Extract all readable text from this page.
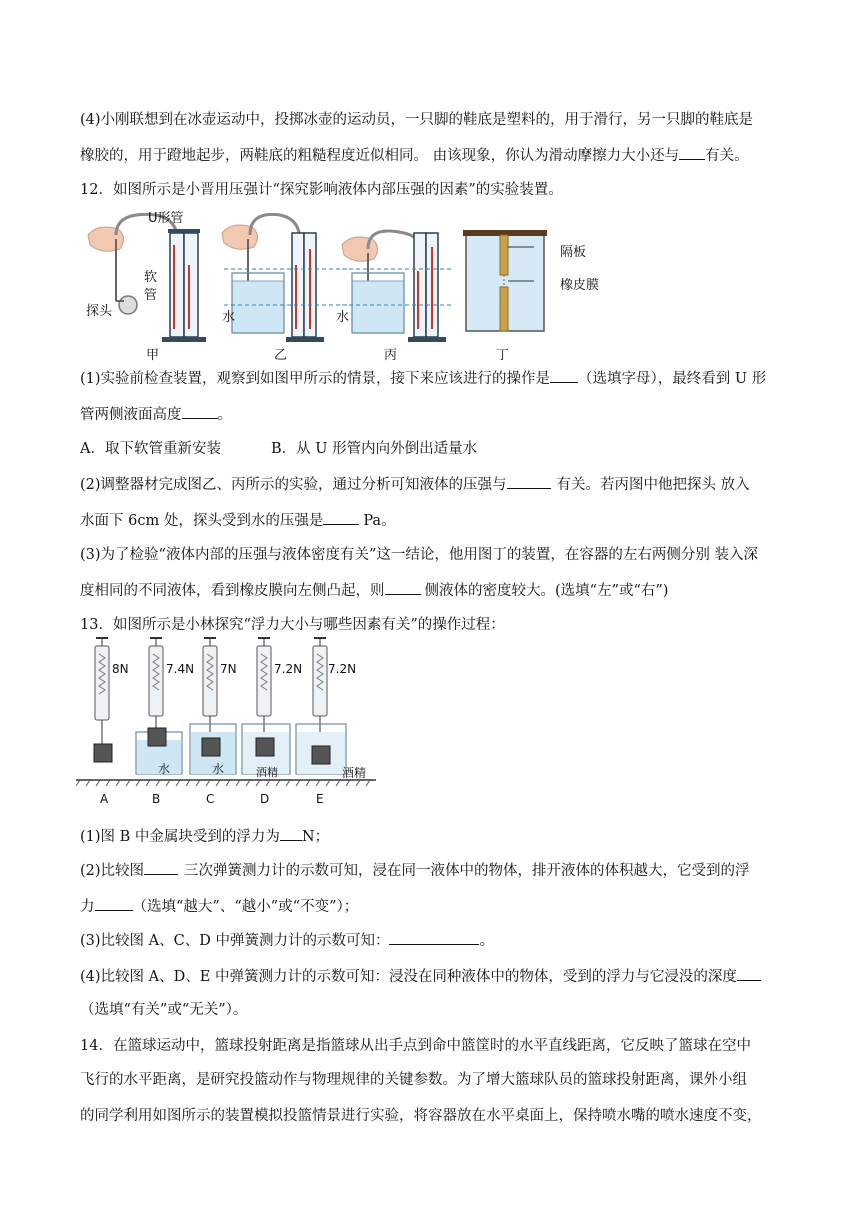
(4)小刚联想到在冰壶运动中，投掷冰壶的运动员，一只脚的鞋底是塑料的，用于滑行，另一只脚的鞋底是
橡胶的，用于蹬地起步，两鞋底的粗糙程度近似相同。 由该现象，你认为滑动摩擦力大小还与 有关。
12．如图所示是小晋用压强计“探究影响液体内部压强的因素”的实验装置。
U形管
软
管
探头	水	水
隔板
橡皮膜
甲	乙	丙	丁
(1)实验前检查装置，观察到如图甲所示的情景，接下来应该进行的操作是 （选填字母），最终看到 U 形
管两侧液面高度 。
A．取下软管重新安装	B．从 U 形管内向外倒出适量水
(2)调整器材完成图乙、丙所示的实验，通过分析可知液体的压强与	有关。若丙图中他把探头 放入
水面下 6cm 处，探头受到水的压强是	Pa。
(3)为了检验“液体内部的压强与液体密度有关”这一结论，他用图丁的装置，在容器的左右两侧分别 装入深
度相同的不同液体，看到橡皮膜向左侧凸起，则	侧液体的密度较大。(选填“左”或“右”)
13．如图所示是小林探究“浮力大小与哪些因素有关”的操作过程：
8N	7.4N 7N	7.2N 7.2N
水	水	酒精	酒精
A	B	C	D	E
(1)图 B 中金属块受到的浮力为 N；
(2)比较图	三次弹簧测力计的示数可知，浸在同一液体中的物体，排开液体的体积越大，它受到的浮
力	（选填“越大”、“越小”或“不变”）；
(3)比较图 A、C、D 中弹簧测力计的示数可知：	。
(4)比较图 A、D、E 中弹簧测力计的示数可知：浸没在同种液体中的物体，受到的浮力与它浸没的深度
（选填“有关”或“无关”）。
14．在篮球运动中，篮球投射距离是指篮球从出手点到命中篮筐时的水平直线距离，它反映了篮球在空中
飞行的水平距离，是研究投篮动作与物理规律的关键参数。为了增大篮球队员的篮球投射距离，课外小组
的同学利用如图所示的装置模拟投篮情景进行实验，将容器放在水平桌面上，保持喷水嘴的喷水速度不变，
